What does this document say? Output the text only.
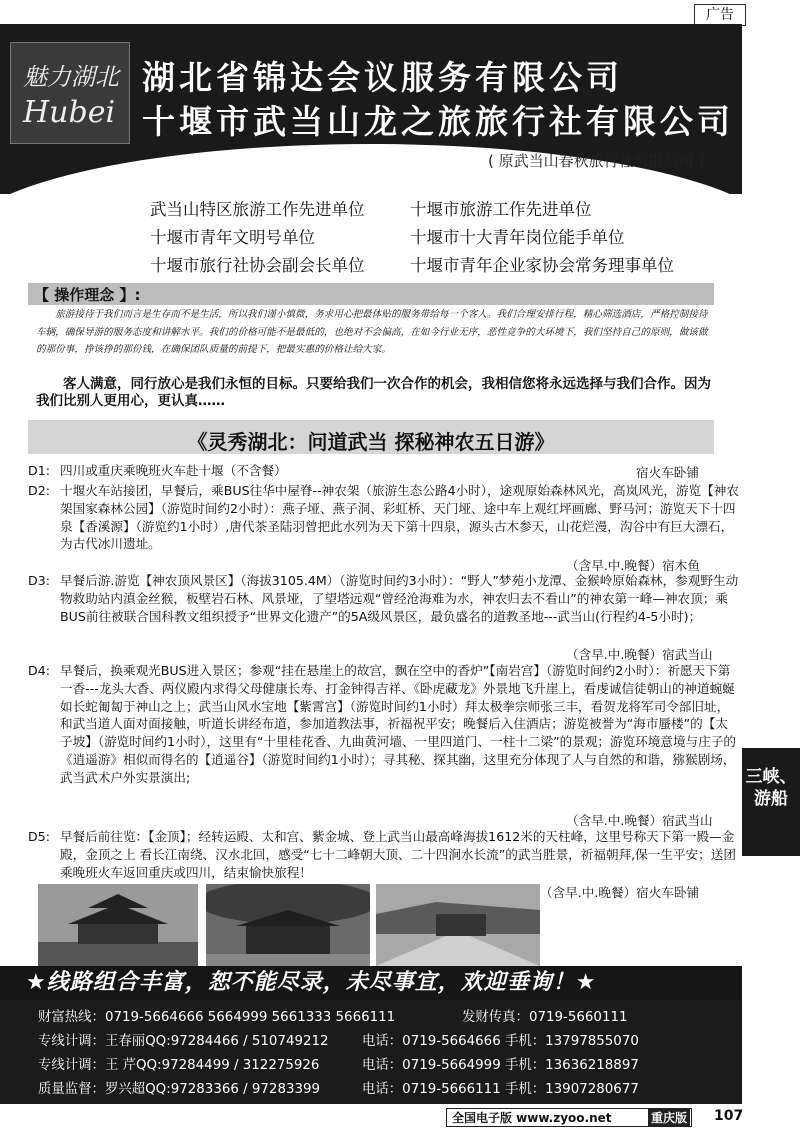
广告
魅力湖北
Hubei
湖北省锦达会议服务有限公司
十堰市武当山龙之旅旅行社有限公司
( 原武当山春秋旅行社有限公司 )
武当山特区旅游工作先进单位	十堰市旅游工作先进单位
十堰市青年文明号单位	十堰市十大青年岗位能手单位
十堰市旅行社协会副会长单位	十堰市青年企业家协会常务理事单位
【 操作理念 】:
旅游接待于我们而言是生存而不是生活，所以我们谨小慎微，务求用心把最体贴的服务带给每一个客人。我们合理安排行程，精心筛选酒店，严格控制接待车辆，确保导游的服务态度和讲解水平。我们的价格可能不是最低的，也绝对不会偏高，在如今行业无序，恶性竞争的大环境下，我们坚持自己的原则，做该做的那份事，挣该挣的那份钱，在确保团队质量的前提下，把最实惠的价格让给大家。
客人满意，同行放心是我们永恒的目标。只要给我们一次合作的机会，我相信您将永远选择与我们合作。因为我们比别人更用心，更认真……
《灵秀湖北：问道武当 探秘神农五日游》
D1: 四川或重庆乘晚班火车赴十堰（不含餐）	宿火车卧铺
D2: 十堰火车站接团，早餐后，乘BUS往华中屋脊--神农架（旅游生态公路4小时），途观原始森林风光，高岚风光，游览【神农架国家森林公园】（游览时间约2小时）：燕子垭、燕子洞、彩虹桥、天门垭、途中车上观红坪画廊、野马河；游览天下十四泉【香溪源】（游览约1小时）,唐代茶圣陆羽曾把此水列为天下第十四泉，源头古木参天，山花烂漫，沟谷中有巨大漂石，为古代冰川遗址。
（含早.中.晚餐）宿木鱼
D3: 早餐后游.游览【神农顶风景区】（海拔3105.4M）（游览时间约3小时）：“野人”梦苑小龙潭、金猴岭原始森林，参观野生动物救助站内滇金丝猴，板壁岩石林、风景垭，了望塔远观“曾经沧海难为水，神农归去不看山”的神农第一峰—神农顶；乘BUS前往被联合国科教文组织授予“世界文化遗产”的5A级风景区，最负盛名的道教圣地---武当山(行程约4-5小时)；
（含早.中.晚餐）宿武当山
D4: 早餐后，换乘观光BUS进入景区；参观“挂在悬崖上的故宫，飘在空中的香炉”【南岩宫】（游览时间约2小时）：祈愿天下第一香---龙头大香、两仪殿内求得父母健康长寿、打金钟得吉祥、《卧虎藏龙》外景地飞升崖上，看虔诚信徒朝山的神道蜿蜒如长蛇匍匐于神山之上；武当山风水宝地【紫霄宫】（游览时间约1小时）拜太极拳宗师张三丰，看贺龙将军司令部旧址，和武当道人面对面接触，听道长讲经布道，参加道教法事，祈福祝平安；晚餐后入住酒店；游览被誉为“海市蜃楼”的【太子坡】（游览时间约1小时），这里有“十里桂花香、九曲黄河墙、一里四道门、一柱十二梁”的景观；游览环境意境与庄子的《逍遥游》相似而得名的【逍遥谷】（游览时间约1小时）；寻其秘、探其幽，这里充分体现了人与自然的和谐，猕猴剧场，武当武术户外实景演出;
（含早.中.晚餐）宿武当山
D5: 早餐后前往览：【金顶】；经转运殿、太和宫、紫金城、登上武当山最高峰海拔1612米的天柱峰，这里号称天下第一殿—金殿，金顶之上 看长江南绕、汉水北回，感受“七十二峰朝大顶、二十四涧水长流”的武当胜景，祈福朝拜,保一生平安；送团乘晚班火车返回重庆或四川，结束愉快旅程！
（含早.中.晚餐）宿火车卧铺
★线路组合丰富，恕不能尽录，未尽事宜，欢迎垂询！★
财富热线：0719-5664666 5664999 5661333 5666111	发财传真：0719-5660111
专线计调：王春丽QQ:97284466 / 510749212 电话：0719-5664666 手机：13797855070
专线计调：王 芹QQ:97284499 / 312275926	电话：0719-5664999 手机：13636218897
质量监督：罗兴超QQ:97283366 / 97283399	电话：0719-5666111 手机：13907280677
三峡、
游船
全国电子版 www.zyoo.net	重庆版 107
